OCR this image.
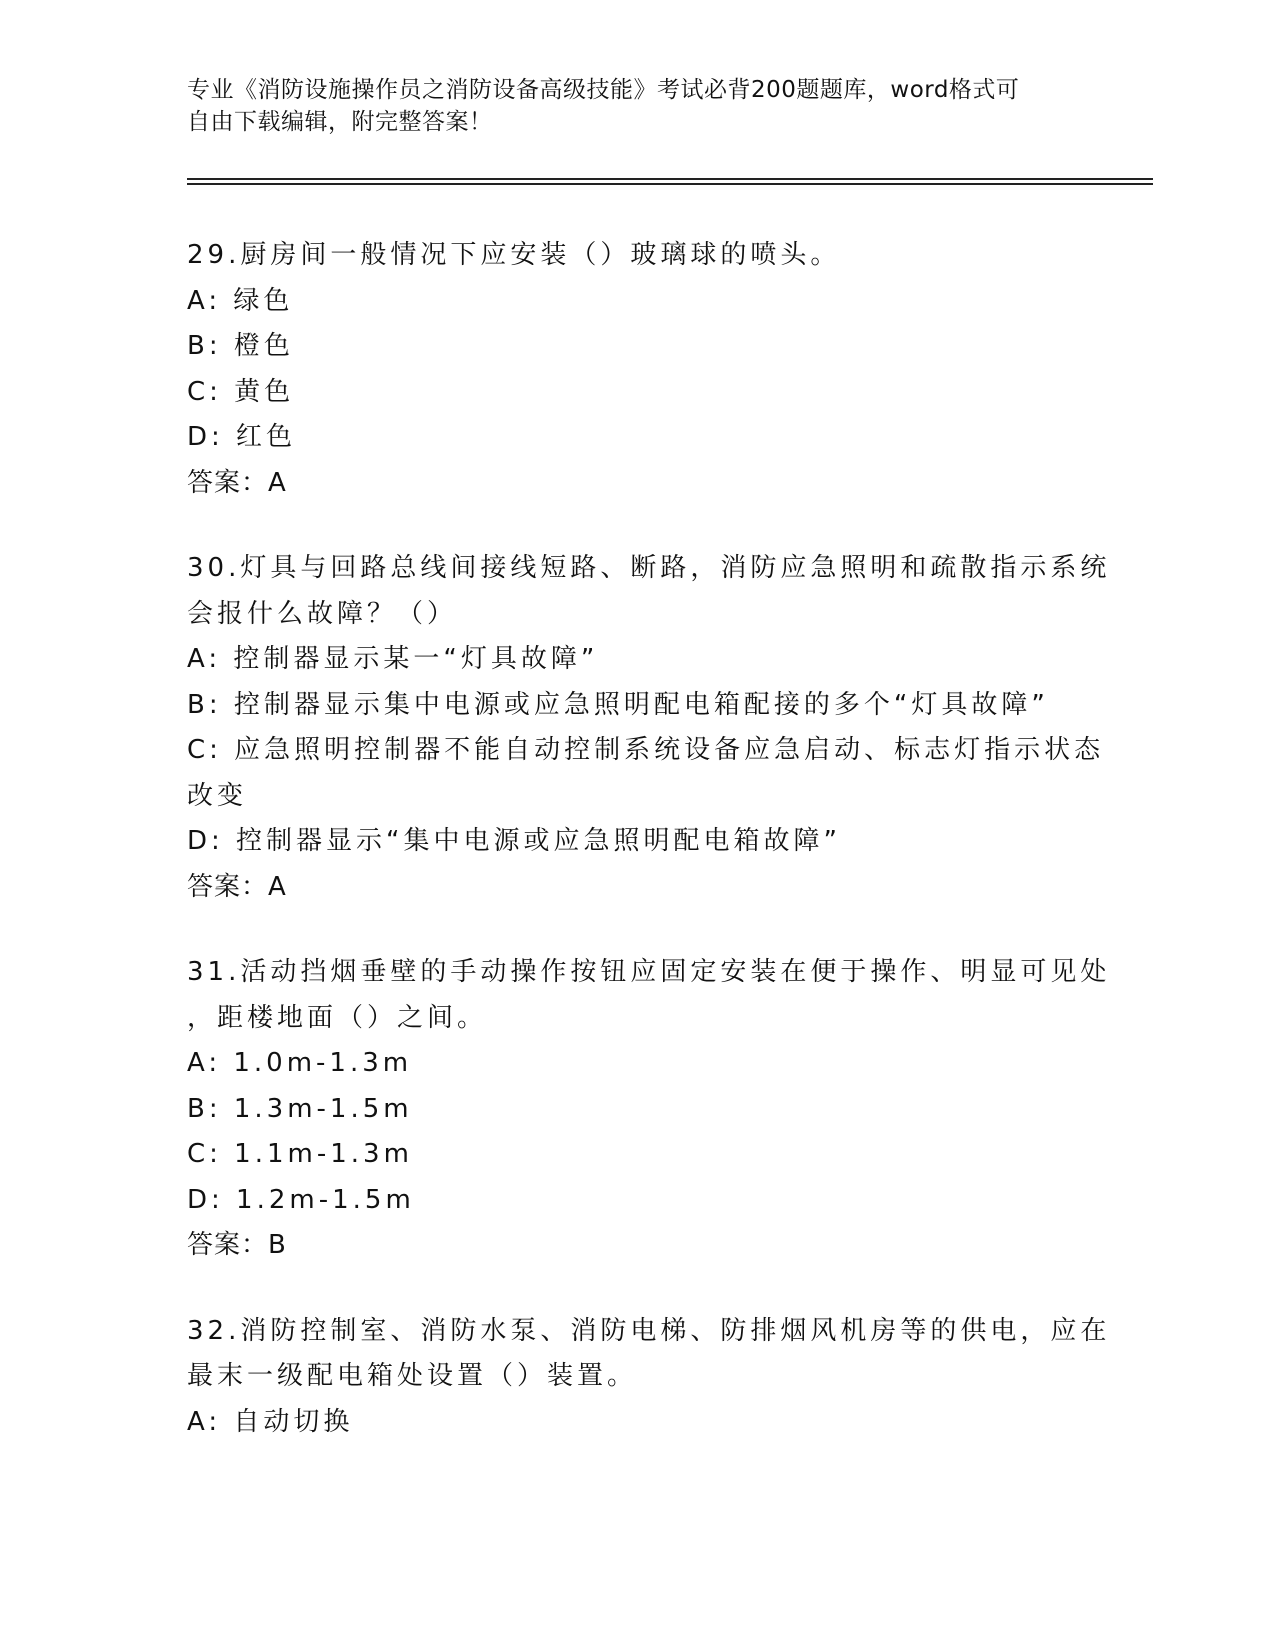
专业《消防设施操作员之消防设备高级技能》考试必背200题题库，word格式可
自由下载编辑，附完整答案！
29.厨房间一般情况下应安装（）玻璃球的喷头。
A: 绿色
B: 橙色
C: 黄色
D: 红色
答案：A
30.灯具与回路总线间接线短路、断路，消防应急照明和疏散指示系统
会报什么故障？（）
A: 控制器显示某一“灯具故障”
B: 控制器显示集中电源或应急照明配电箱配接的多个“灯具故障”
C: 应急照明控制器不能自动控制系统设备应急启动、标志灯指示状态
改变
D: 控制器显示“集中电源或应急照明配电箱故障”
答案：A
31.活动挡烟垂壁的手动操作按钮应固定安装在便于操作、明显可见处
，距楼地面（）之间。
A: 1.0m-1.3m
B: 1.3m-1.5m
C: 1.1m-1.3m
D: 1.2m-1.5m
答案：B
32.消防控制室、消防水泵、消防电梯、防排烟风机房等的供电，应在
最末一级配电箱处设置（）装置。
A: 自动切换
